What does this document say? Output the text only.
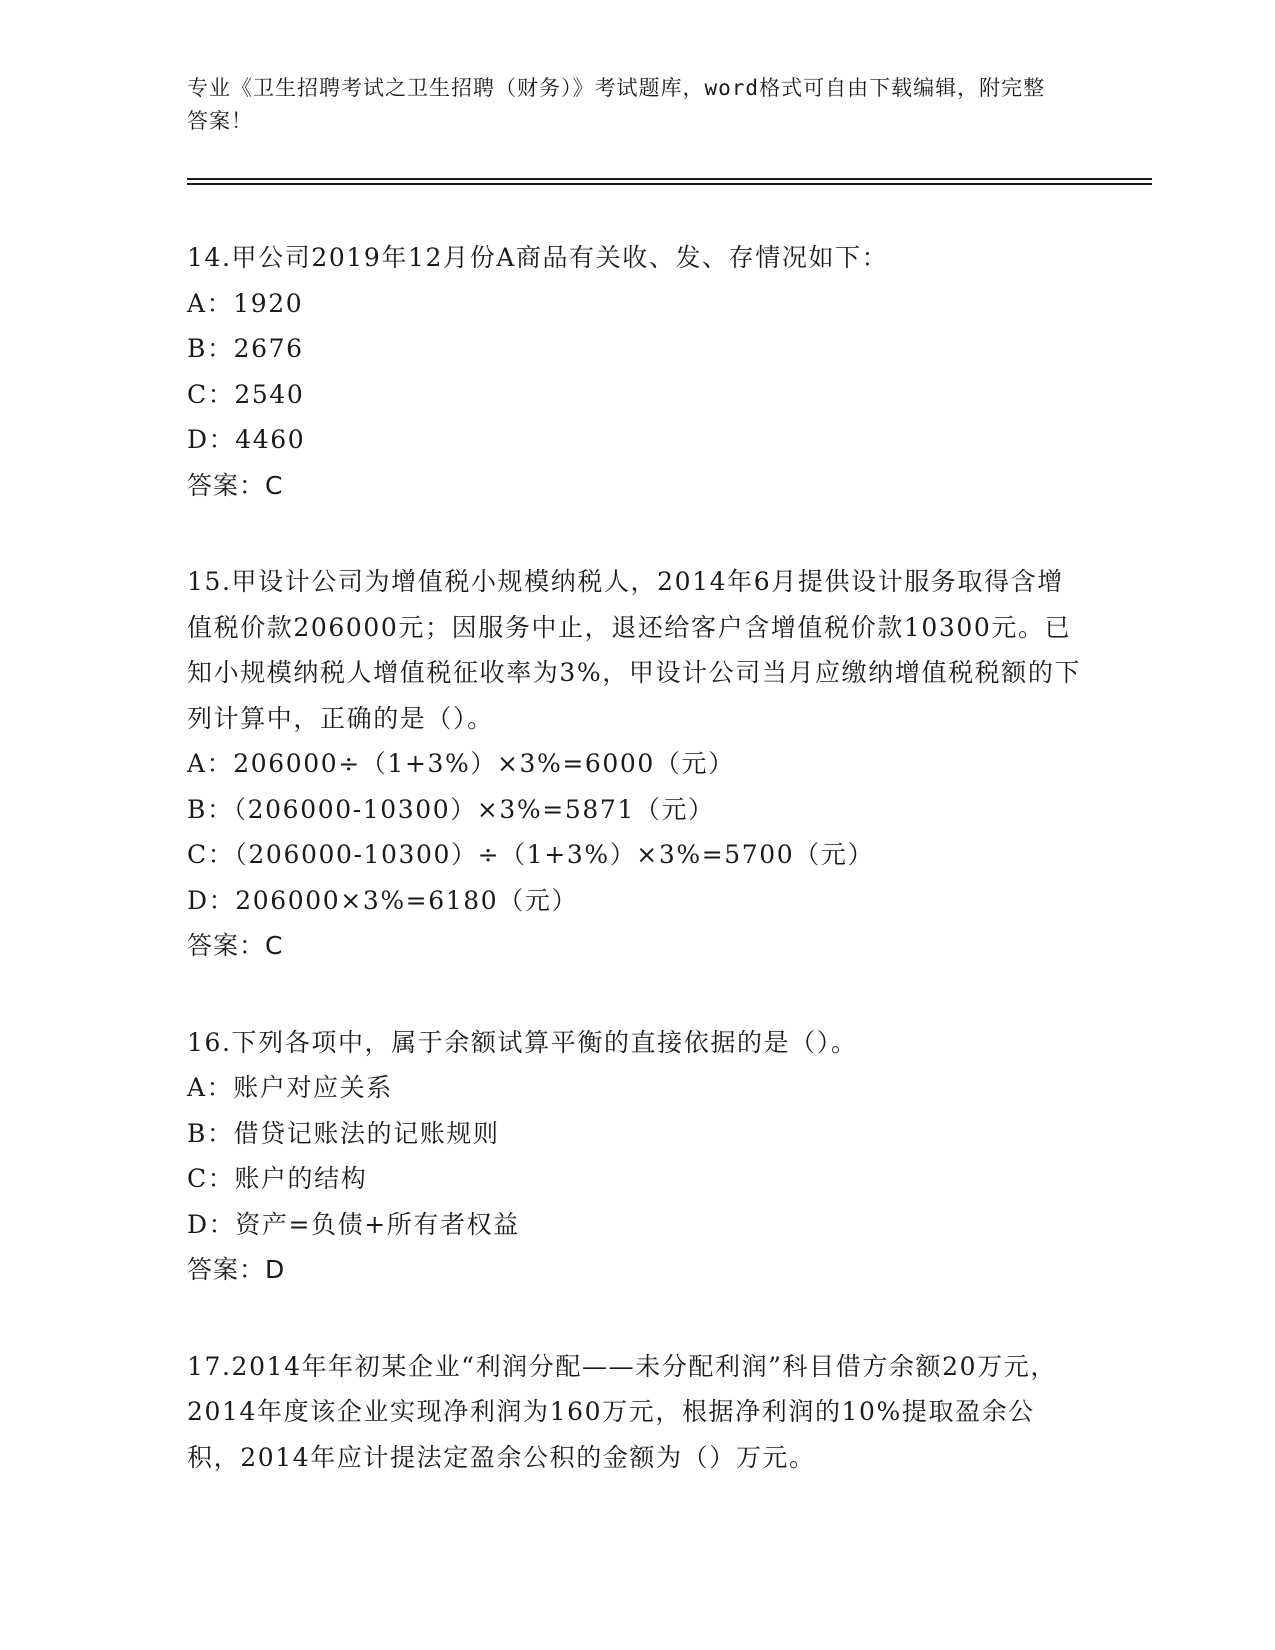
专业《卫生招聘考试之卫生招聘（财务）》考试题库，word格式可自由下载编辑，附完整答案！

14.甲公司2019年12月份A商品有关收、发、存情况如下：

A：1920

B：2676

C：2540

D：4460

答案：C

15.甲设计公司为增值税小规模纳税人，2014年6月提供设计服务取得含增值税价款206000元；因服务中止，退还给客户含增值税价款10300元。已知小规模纳税人增值税征收率为3%，甲设计公司当月应缴纳增值税税额的下列计算中，正确的是（）。

A：206000÷（1+3%）×3%=6000（元）

B：（206000-10300）×3%=5871（元）

C：（206000-10300）÷（1+3%）×3%=5700（元）

D：206000×3%=6180（元）

答案：C

16.下列各项中，属于余额试算平衡的直接依据的是（）。

A：账户对应关系

B：借贷记账法的记账规则

C：账户的结构

D：资产=负债+所有者权益

答案：D

17.2014年年初某企业“利润分配——未分配利润”科目借方余额20万元，2014年度该企业实现净利润为160万元，根据净利润的10%提取盈余公积，2014年应计提法定盈余公积的金额为（）万元。
